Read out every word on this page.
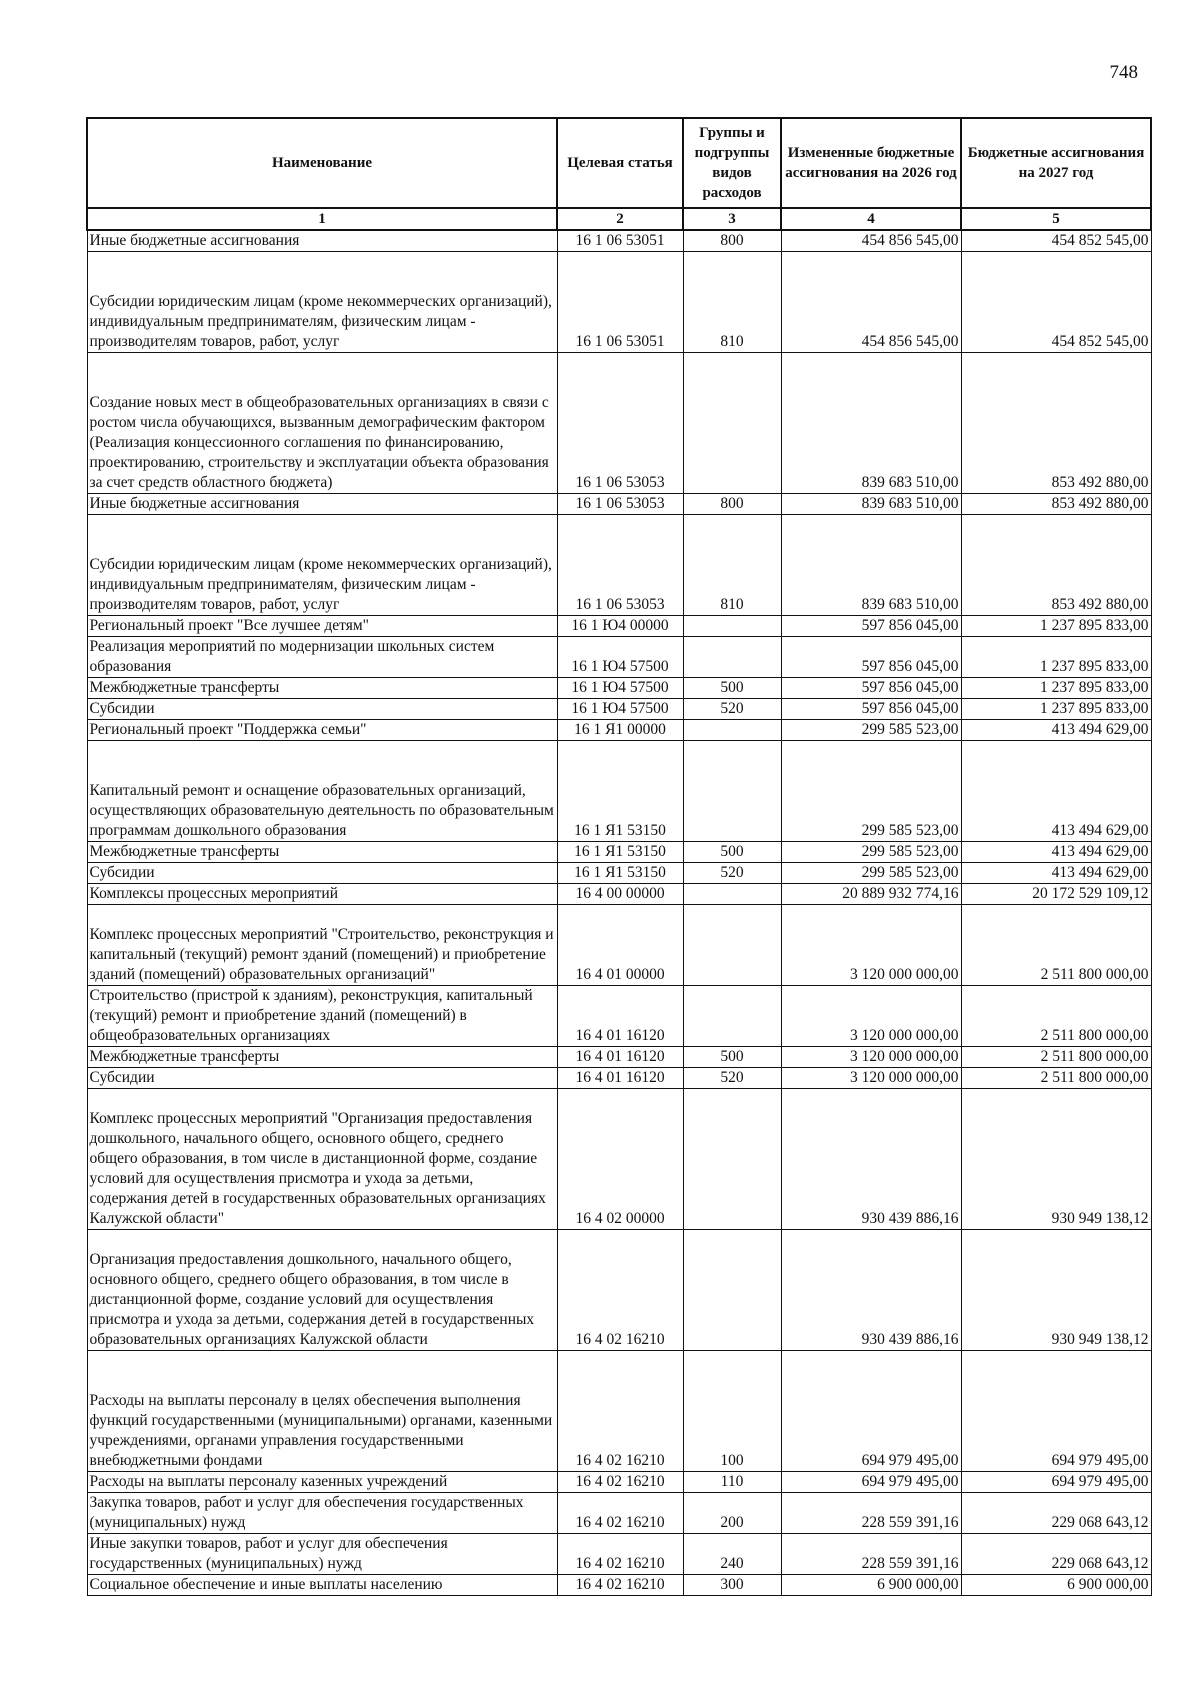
748
Наименование	Целевая статья	Группы и подгруппы видов расходов	Измененные бюджетные ассигнования на 2026 год	Бюджетные ассигнования на 2027 год
1	2	3	4	5
Иные бюджетные ассигнования	16 1 06 53051	800	454 856 545,00	454 852 545,00
Субсидии юридическим лицам (кроме некоммерческих организаций), индивидуальным предпринимателям, физическим лицам - производителям товаров, работ, услуг	16 1 06 53051	810	454 856 545,00	454 852 545,00
Создание новых мест в общеобразовательных организациях в связи с ростом числа обучающихся, вызванным демографическим фактором (Реализация концессионного соглашения по финансированию, проектированию, строительству и эксплуатации объекта образования за счет средств областного бюджета)	16 1 06 53053		839 683 510,00	853 492 880,00
Иные бюджетные ассигнования	16 1 06 53053	800	839 683 510,00	853 492 880,00
Субсидии юридическим лицам (кроме некоммерческих организаций), индивидуальным предпринимателям, физическим лицам - производителям товаров, работ, услуг	16 1 06 53053	810	839 683 510,00	853 492 880,00
Региональный проект "Все лучшее детям"	16 1 Ю4 00000		597 856 045,00	1 237 895 833,00
Реализация мероприятий по модернизации школьных систем образования	16 1 Ю4 57500		597 856 045,00	1 237 895 833,00
Межбюджетные трансферты	16 1 Ю4 57500	500	597 856 045,00	1 237 895 833,00
Субсидии	16 1 Ю4 57500	520	597 856 045,00	1 237 895 833,00
Региональный проект "Поддержка семьи"	16 1 Я1 00000		299 585 523,00	413 494 629,00
Капитальный ремонт и оснащение образовательных организаций, осуществляющих образовательную деятельность по образовательным программам дошкольного образования	16 1 Я1 53150		299 585 523,00	413 494 629,00
Межбюджетные трансферты	16 1 Я1 53150	500	299 585 523,00	413 494 629,00
Субсидии	16 1 Я1 53150	520	299 585 523,00	413 494 629,00
Комплексы процессных мероприятий	16 4 00 00000		20 889 932 774,16	20 172 529 109,12
Комплекс процессных мероприятий "Строительство, реконструкция и капитальный (текущий) ремонт зданий (помещений) и приобретение зданий (помещений) образовательных организаций"	16 4 01 00000		3 120 000 000,00	2 511 800 000,00
Строительство (пристрой к зданиям), реконструкция, капитальный (текущий) ремонт и приобретение зданий (помещений) в общеобразовательных организациях	16 4 01 16120		3 120 000 000,00	2 511 800 000,00
Межбюджетные трансферты	16 4 01 16120	500	3 120 000 000,00	2 511 800 000,00
Субсидии	16 4 01 16120	520	3 120 000 000,00	2 511 800 000,00
Комплекс процессных мероприятий "Организация предоставления дошкольного, начального общего, основного общего, среднего общего образования, в том числе в дистанционной форме, создание условий для осуществления присмотра и ухода за детьми, содержания детей в государственных образовательных организациях Калужской области"	16 4 02 00000		930 439 886,16	930 949 138,12
Организация предоставления дошкольного, начального общего, основного общего, среднего общего образования, в том числе в дистанционной форме, создание условий для осуществления присмотра и ухода за детьми, содержания детей в государственных образовательных организациях Калужской области	16 4 02 16210		930 439 886,16	930 949 138,12
Расходы на выплаты персоналу в целях обеспечения выполнения функций государственными (муниципальными) органами, казенными учреждениями, органами управления государственными внебюджетными фондами	16 4 02 16210	100	694 979 495,00	694 979 495,00
Расходы на выплаты персоналу казенных учреждений	16 4 02 16210	110	694 979 495,00	694 979 495,00
Закупка товаров, работ и услуг для обеспечения государственных (муниципальных) нужд	16 4 02 16210	200	228 559 391,16	229 068 643,12
Иные закупки товаров, работ и услуг для обеспечения государственных (муниципальных) нужд	16 4 02 16210	240	228 559 391,16	229 068 643,12
Социальное обеспечение и иные выплаты населению	16 4 02 16210	300	6 900 000,00	6 900 000,00
